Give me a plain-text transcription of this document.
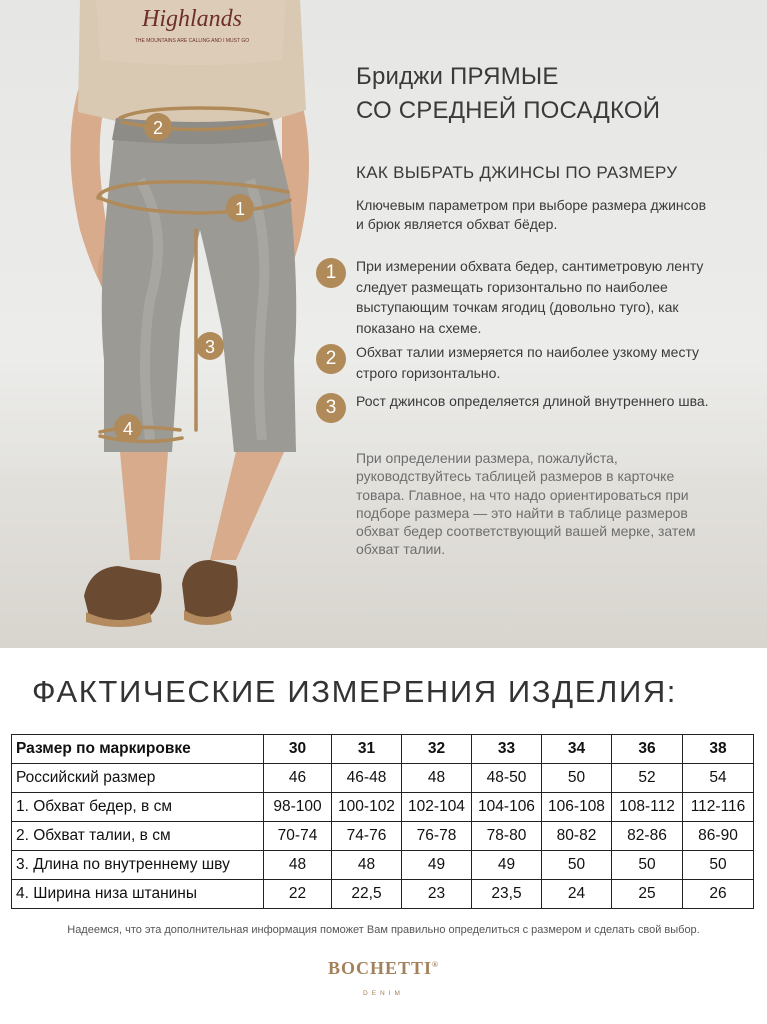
Highlands
THE MOUNTAINS ARE CALLING AND I MUST GO
1
2
3
4
Бриджи ПРЯМЫЕ
СО СРЕДНЕЙ ПОСАДКОЙ
КАК ВЫБРАТЬ ДЖИНСЫ ПО РАЗМЕРУ
Ключевым параметром при выборе размера джинсов и брюк является обхват бёдер.
1	При измерении обхвата бедер, сантиметровую ленту следует размещать горизонтально по наиболее выступающим точкам ягодиц (довольно туго), как показано на схеме.
2	Обхват талии измеряется по наиболее узкому месту строго горизонтально.
3	Рост джинсов определяется длиной внутреннего шва.
При определении размера, пожалуйста, руководствуйтесь таблицей размеров в карточке товара. Главное, на что надо ориентироваться при подборе размера — это найти в таблице размеров обхват бедер соответствующий вашей мерке, затем обхват талии.
ФАКТИЧЕСКИЕ ИЗМЕРЕНИЯ ИЗДЕЛИЯ:
Размер по маркировке	30	31	32	33	34	36	38
Российский размер	46	46-48	48	48-50	50	52	54
1. Обхват бедер, в см	98-100	100-102	102-104	104-106	106-108	108-112	112-116
2. Обхват талии, в см	70-74	74-76	76-78	78-80	80-82	82-86	86-90
3. Длина по внутреннему шву	48	48	49	49	50	50	50
4. Ширина низа штанины	22	22,5	23	23,5	24	25	26
Надеемся, что эта дополнительная информация поможет Вам правильно определиться с размером и сделать свой выбор.
BOCHETTI®
DENIM
